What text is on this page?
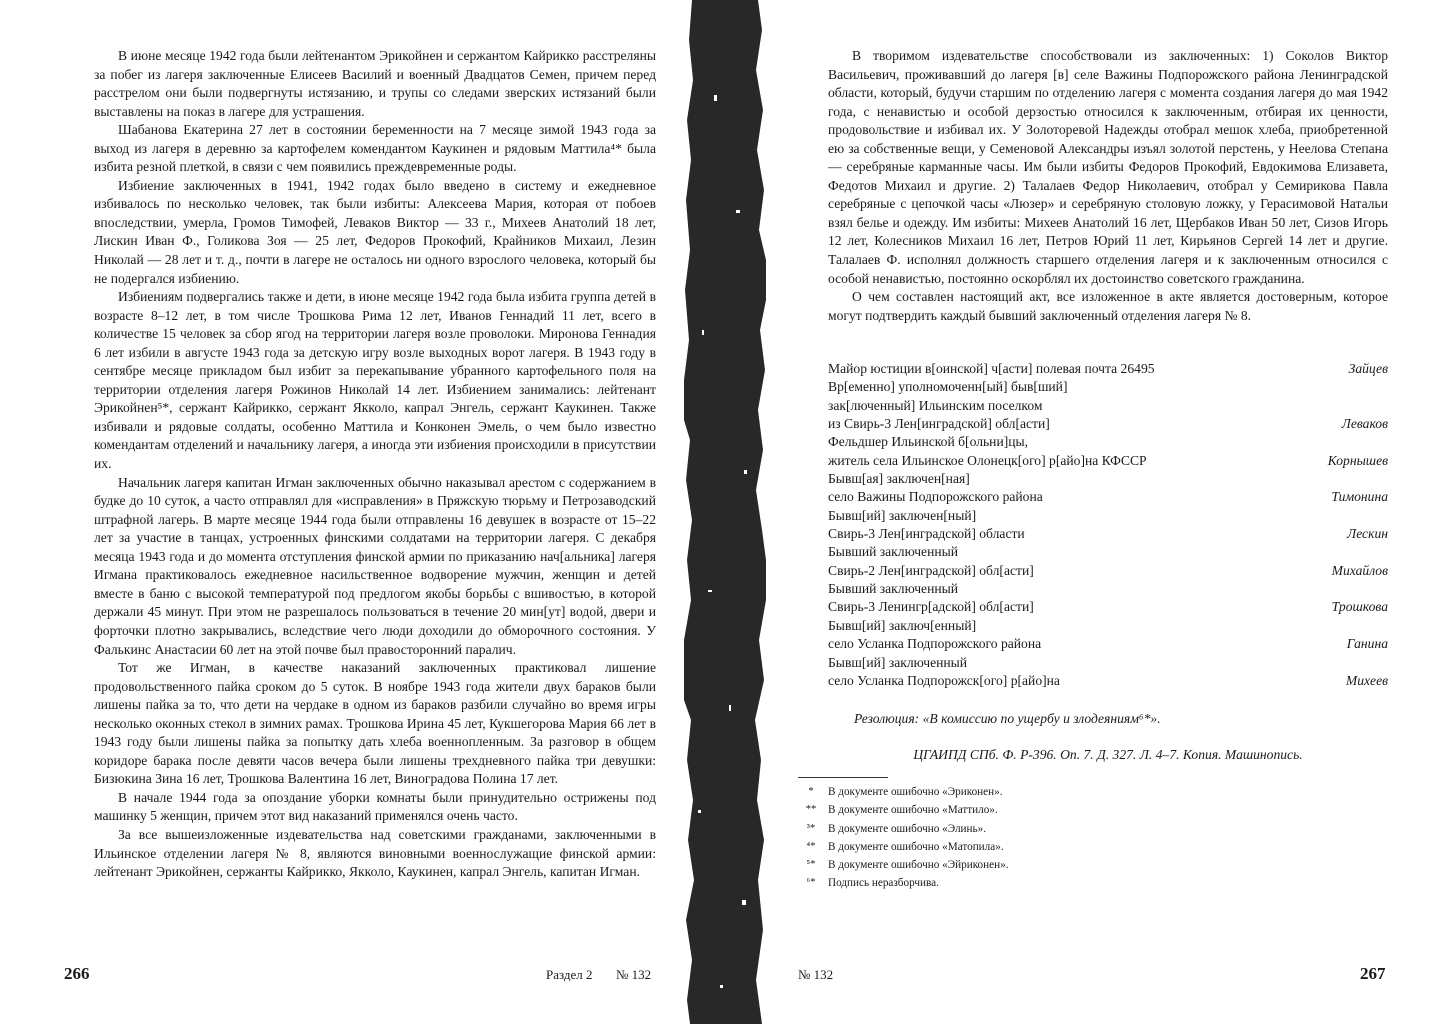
В июне месяце 1942 года были лейтенантом Эрикойнен и сержантом Кайрикко расстреляны за побег из лагеря заключенные Елисеев Василий и военный Двадцатов Семен, причем перед расстрелом они были подвергнуты истязанию, и трупы со следами зверских истязаний были выставлены на показ в лагере для устрашения.

Шабанова Екатерина 27 лет в состоянии беременности на 7 месяце зимой 1943 года за выход из лагеря в деревню за картофелем комендантом Каукинен и рядовым Маттила⁴* была избита резной плеткой, в связи с чем появились преждевременные роды.

Избиение заключенных в 1941, 1942 годах было введено в систему и ежедневное избивалось по несколько человек, так были избиты: Алексеева Мария, которая от побоев впоследствии, умерла, Громов Тимофей, Леваков Виктор — 33 г., Михеев Анатолий 18 лет, Лискин Иван Ф., Голикова Зоя — 25 лет, Федоров Прокофий, Крайников Михаил, Лезин Николай — 28 лет и т. д., почти в лагере не осталось ни одного взрослого человека, который бы не подергался избиению.

Избиениям подвергались также и дети, в июне месяце 1942 года была избита группа детей в возрасте 8–12 лет, в том числе Трошкова Рима 12 лет, Иванов Геннадий 11 лет, всего в количестве 15 человек за сбор ягод на территории лагеря возле проволоки. Миронова Геннадия 6 лет избили в августе 1943 года за детскую игру возле выходных ворот лагеря. В 1943 году в сентябре месяце прикладом был избит за перекапывание убранного картофельного поля на территории отделения лагеря Рожинов Николай 14 лет. Избиением занимались: лейтенант Эрикойнен⁵*, сержант Кайрикко, сержант Якколо, капрал Энгель, сержант Каукинен. Также избивали и рядовые солдаты, особенно Маттила и Конконен Эмель, о чем было известно комендантам отделений и начальнику лагеря, а иногда эти избиения происходили в присутствии их.

Начальник лагеря капитан Игман заключенных обычно наказывал арестом с содержанием в будке до 10 суток, а часто отправлял для «исправления» в Пряжскую тюрьму и Петрозаводский штрафной лагерь. В марте месяце 1944 года были отправлены 16 девушек в возрасте от 15–22 лет за участие в танцах, устроенных финскими солдатами на территории лагеря. С декабря месяца 1943 года и до момента отступления финской армии по приказанию нач[альника] лагеря Игмана практиковалось ежедневное насильственное водворение мужчин, женщин и детей вместе в баню с высокой температурой под предлогом якобы борьбы с вшивостью, в которой держали 45 минут. При этом не разрешалось пользоваться в течение 20 мин[ут] водой, двери и форточки плотно закрывались, вследствие чего люди доходили до обморочного состояния. У Фалькинс Анастасии 60 лет на этой почве был правосторонний паралич.

Тот же Игман, в качестве наказаний заключенных практиковал лишение продовольственного пайка сроком до 5 суток. В ноябре 1943 года жители двух бараков были лишены пайка за то, что дети на чердаке в одном из бараков разбили случайно во время игры несколько оконных стекол в зимних рамах. Трошкова Ирина 45 лет, Кукшегорова Мария 66 лет в 1943 году были лишены пайка за попытку дать хлеба военнопленным. За разговор в общем коридоре барака после девяти часов вечера были лишены трехдневного пайка три девушки: Бизюкина Зина 16 лет, Трошкова Валентина 16 лет, Виноградова Полина 17 лет.

В начале 1944 года за опоздание уборки комнаты были принудительно острижены под машинку 5 женщин, причем этот вид наказаний применялся очень часто.

За все вышеизложенные издевательства над советскими гражданами, заключенными в Ильинское отделении лагеря № 8, являются виновными военнослужащие финской армии: лейтенант Эрикойнен, сержанты Кайрикко, Якколо, Каукинен, капрал Энгель, капитан Игман.

266	Раздел 2 № 132

В творимом издевательстве способствовали из заключенных: 1) Соколов Виктор Васильевич, проживавший до лагеря [в] селе Важины Подпорожского района Ленинградской области, который, будучи старшим по отделению лагеря с момента создания лагеря до мая 1942 года, с ненавистью и особой дерзостью относился к заключенным, отбирая их ценности, продовольствие и избивал их. У Золоторевой Надежды отобрал мешок хлеба, приобретенной ею за собственные вещи, у Семеновой Александры изъял золотой перстень, у Неелова Степана — серебряные карманные часы. Им были избиты Федоров Прокофий, Евдокимова Елизавета, Федотов Михаил и другие. 2) Талалаев Федор Николаевич, отобрал у Семирикова Павла серебряные с цепочкой часы «Люзер» и серебряную столовую ложку, у Герасимовой Натальи взял белье и одежду. Им избиты: Михеев Анатолий 16 лет, Щербаков Иван 50 лет, Сизов Игорь 12 лет, Колесников Михаил 16 лет, Петров Юрий 11 лет, Кирьянов Сергей 14 лет и другие. Талалаев Ф. исполнял должность старшего отделения лагеря и к заключенным относился с особой ненавистью, постоянно оскорблял их достоинство советского гражданина.

О чем составлен настоящий акт, все изложенное в акте является достоверным, которое могут подтвердить каждый бывший заключенный отделения лагеря № 8.

Майор юстиции в[оинской] ч[асти] полевая почта 26495	Зайцев
Вр[еменно] уполномоченн[ый] быв[ший]
зак[люченный] Ильинским поселком
из Свирь-3 Лен[инградской] обл[асти]	Леваков
Фельдшер Ильинской б[ольни]цы,
житель села Ильинское Олонецк[ого] р[айо]на КФССР	Корнышев
Бывш[ая] заключен[ная]
село Важины Подпорожского района	Тимонина
Бывш[ий] заключен[ный]
Свирь-3 Лен[инградской] области	Лескин
Бывший заключенный
Свирь-2 Лен[инградской] обл[асти]	Михайлов
Бывший заключенный
Свирь-3 Ленингр[адской] обл[асти]	Трошкова
Бывш[ий] заключ[енный]
село Усланка Подпорожского района	Ганина
Бывш[ий] заключенный
село Усланка Подпорожск[ого] р[айо]на	Михеев
Резолюция: «В комиссию по ущербу и злодеяниям⁶*».
ЦГАИПД СПб. Ф. Р-396. Оп. 7. Д. 327. Л. 4–7. Копия. Машинопись.
*	В документе ошибочно «Эриконен».
**	В документе ошибочно «Маттило».
³*	В документе ошибочно «Элинь».
⁴*	В документе ошибочно «Матопила».
⁵*	В документе ошибочно «Эйриконен».
⁶*	Подпись неразборчива.
№ 132	267
